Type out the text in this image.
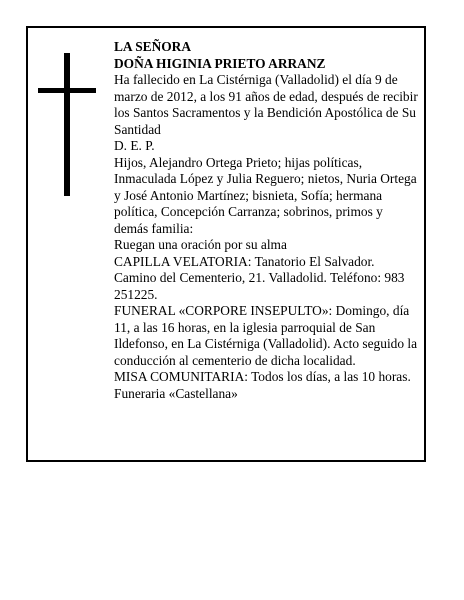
LA SEÑORA

DOÑA HIGINIA PRIETO ARRANZ

Ha fallecido en La Cistérniga (Valladolid) el día 9 de marzo de 2012, a los 91 años de edad, después de recibir los Santos Sacramentos y la Bendición Apostólica de Su Santidad

D. E. P.

Hijos, Alejandro Ortega Prieto; hijas políticas, Inmaculada López y Julia Reguero; nietos, Nuria Ortega y José Antonio Martínez; bisnieta, Sofía; hermana política, Concepción Carranza; sobrinos, primos y demás familia:

Ruegan una oración por su alma

CAPILLA VELATORIA: Tanatorio El Salvador. Camino del Cementerio, 21. Valladolid. Teléfono: 983 251225.

FUNERAL «CORPORE INSEPULTO»: Domingo, día 11, a las 16 horas, en la iglesia parroquial de San Ildefonso, en La Cistérniga (Valladolid). Acto seguido la conducción al cementerio de dicha localidad.

MISA COMUNITARIA: Todos los días, a las 10 horas.

Funeraria «Castellana»
